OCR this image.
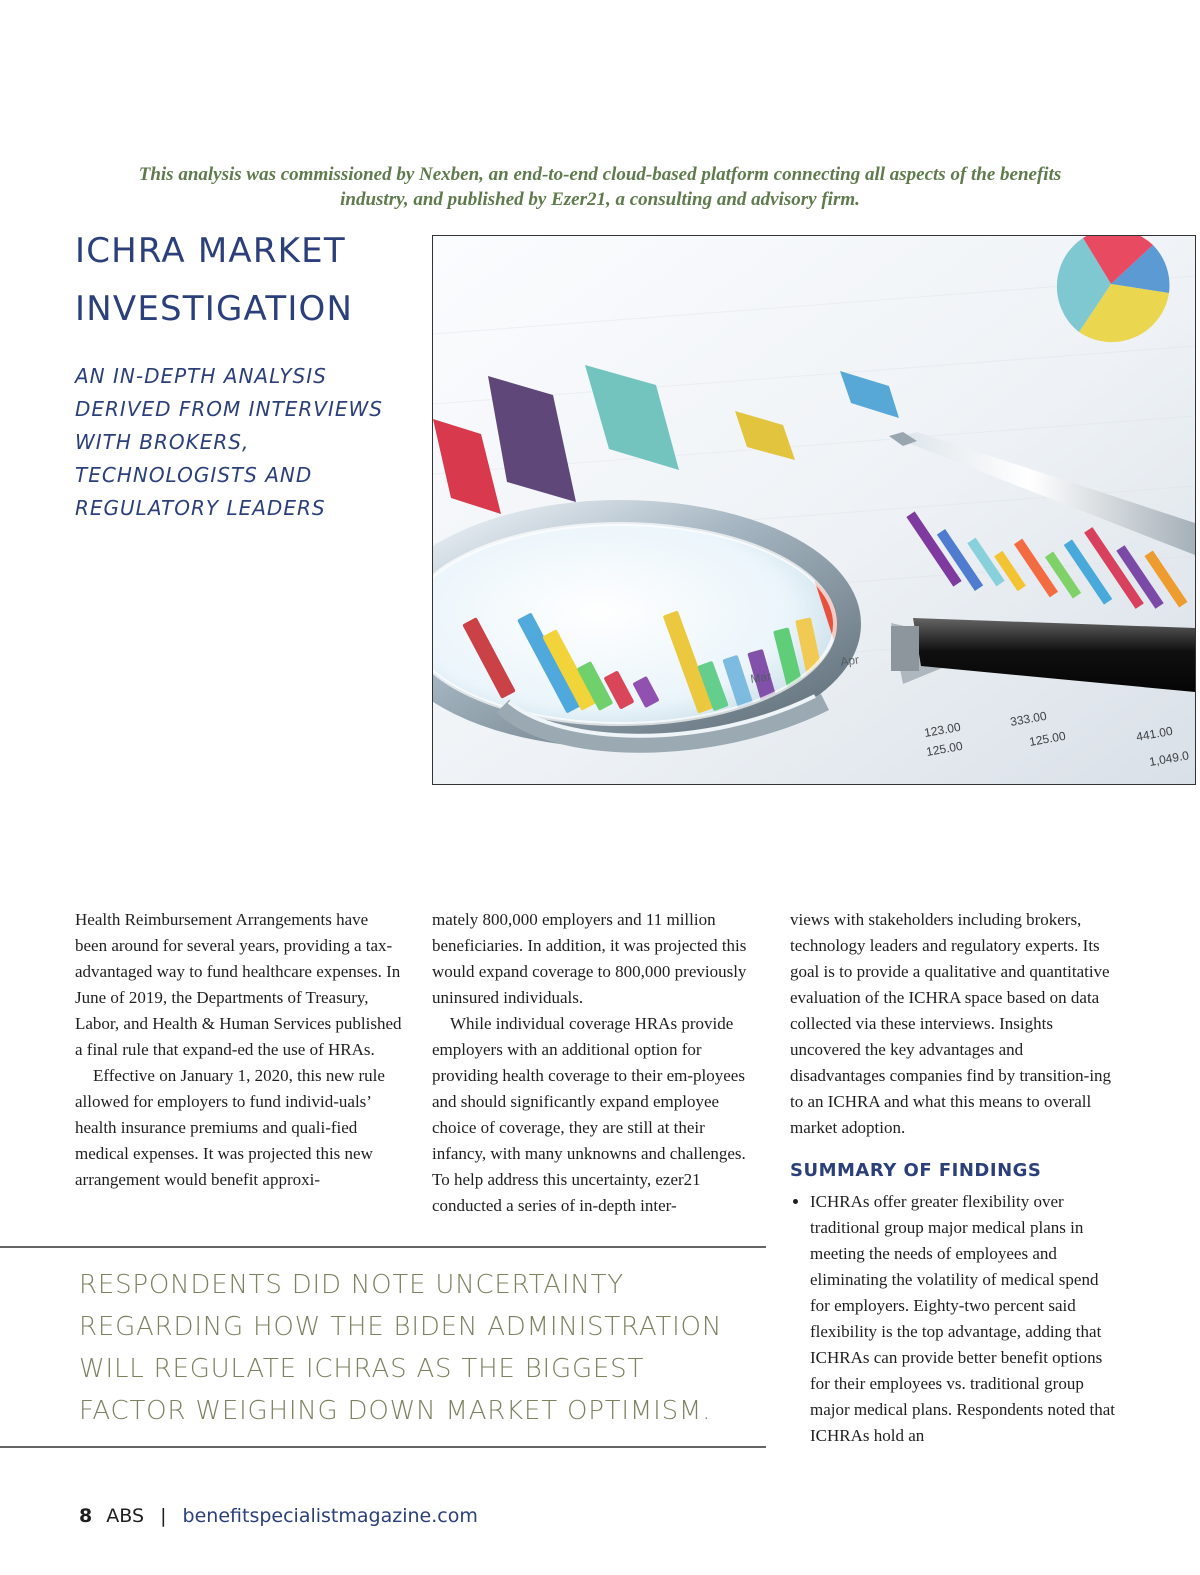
This analysis was commissioned by Nexben, an end-to-end cloud-based platform connecting all aspects of the benefits industry, and published by Ezer21, a consulting and advisory firm.
ICHRA MARKET INVESTIGATION

AN IN-DEPTH ANALYSIS DERIVED FROM INTERVIEWS WITH BROKERS, TECHNOLOGISTS AND REGULATORY LEADERS

123.00
125.00
333.00
125.00	441.00
1,049.0
Mar
Apr

Health Reimbursement Arrangements have been around for several years, providing a tax-advantaged way to fund healthcare expenses. In June of 2019, the Departments of Treasury, Labor, and Health & Human Services published a final rule that expand-ed the use of HRAs.

Effective on January 1, 2020, this new rule allowed for employers to fund individ-uals’ health insurance premiums and quali-fied medical expenses. It was projected this new arrangement would benefit approxi-

mately 800,000 employers and 11 million beneficiaries. In addition, it was projected this would expand coverage to 800,000 previously uninsured individuals.

While individual coverage HRAs provide employers with an additional option for providing health coverage to their em-ployees and should significantly expand employee choice of coverage, they are still at their infancy, with many unknowns and challenges. To help address this uncertainty, ezer21 conducted a series of in-depth inter-

views with stakeholders including brokers, technology leaders and regulatory experts. Its goal is to provide a qualitative and quantitative evaluation of the ICHRA space based on data collected via these interviews. Insights uncovered the key advantages and disadvantages companies find by transition-ing to an ICHRA and what this means to overall market adoption.

SUMMARY OF FINDINGS
• ICHRAs offer greater flexibility over traditional group major medical plans in meeting the needs of employees and eliminating the volatility of medical spend for employers. Eighty-two percent said flexibility is the top advantage, adding that ICHRAs can provide better benefit options for their employees vs. traditional group major medical plans. Respondents noted that ICHRAs hold an
RESPONDENTS DID NOTE UNCERTAINTY REGARDING HOW THE BIDEN ADMINISTRATION WILL REGULATE ICHRAS AS THE BIGGEST FACTOR WEIGHING DOWN MARKET OPTIMISM.
8 ABS | benefitspecialistmagazine.com
